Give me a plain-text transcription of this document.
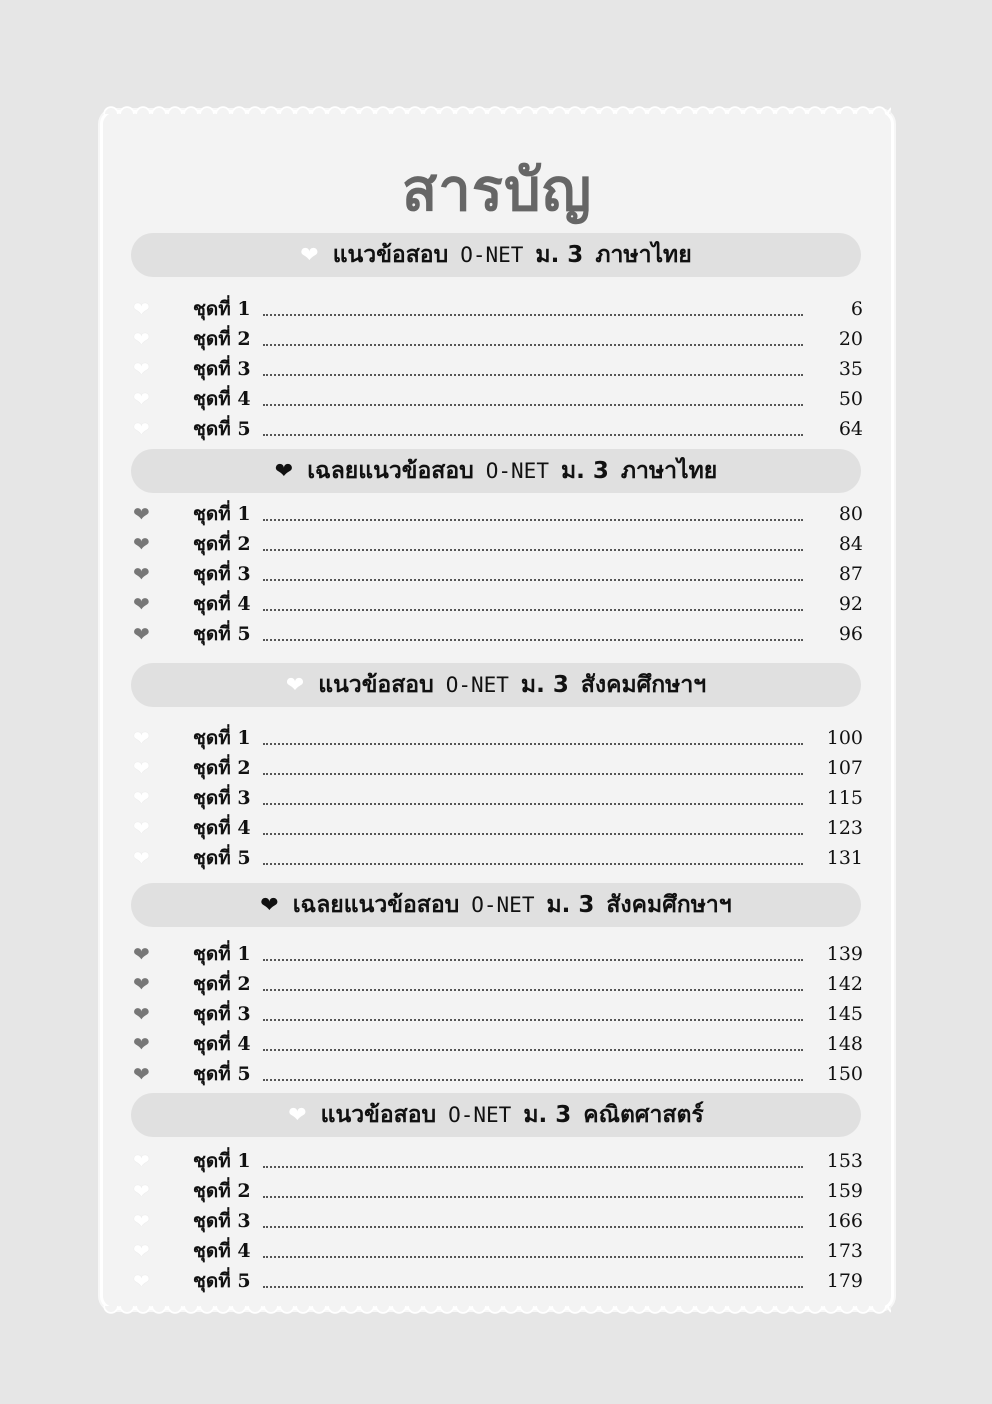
สารบัญ
❤ แนวข้อสอบ O-NET ม. 3 ภาษาไทย
❤	ชุดที่ 1	6
❤	ชุดที่ 2	20
❤	ชุดที่ 3	35
❤	ชุดที่ 4	50
❤	ชุดที่ 5	64
❤ เฉลยแนวข้อสอบ O-NET ม. 3 ภาษาไทย
❤	ชุดที่ 1	80
❤	ชุดที่ 2	84
❤	ชุดที่ 3	87
❤	ชุดที่ 4	92
❤	ชุดที่ 5	96
❤ แนวข้อสอบ O-NET ม. 3 สังคมศึกษาฯ
❤	ชุดที่ 1	100
❤	ชุดที่ 2	107
❤	ชุดที่ 3	115
❤	ชุดที่ 4	123
❤	ชุดที่ 5	131
❤ เฉลยแนวข้อสอบ O-NET ม. 3 สังคมศึกษาฯ
❤	ชุดที่ 1	139
❤	ชุดที่ 2	142
❤	ชุดที่ 3	145
❤	ชุดที่ 4	148
❤	ชุดที่ 5	150
❤ แนวข้อสอบ O-NET ม. 3 คณิตศาสตร์
❤	ชุดที่ 1	153
❤	ชุดที่ 2	159
❤	ชุดที่ 3	166
❤	ชุดที่ 4	173
❤	ชุดที่ 5	179
